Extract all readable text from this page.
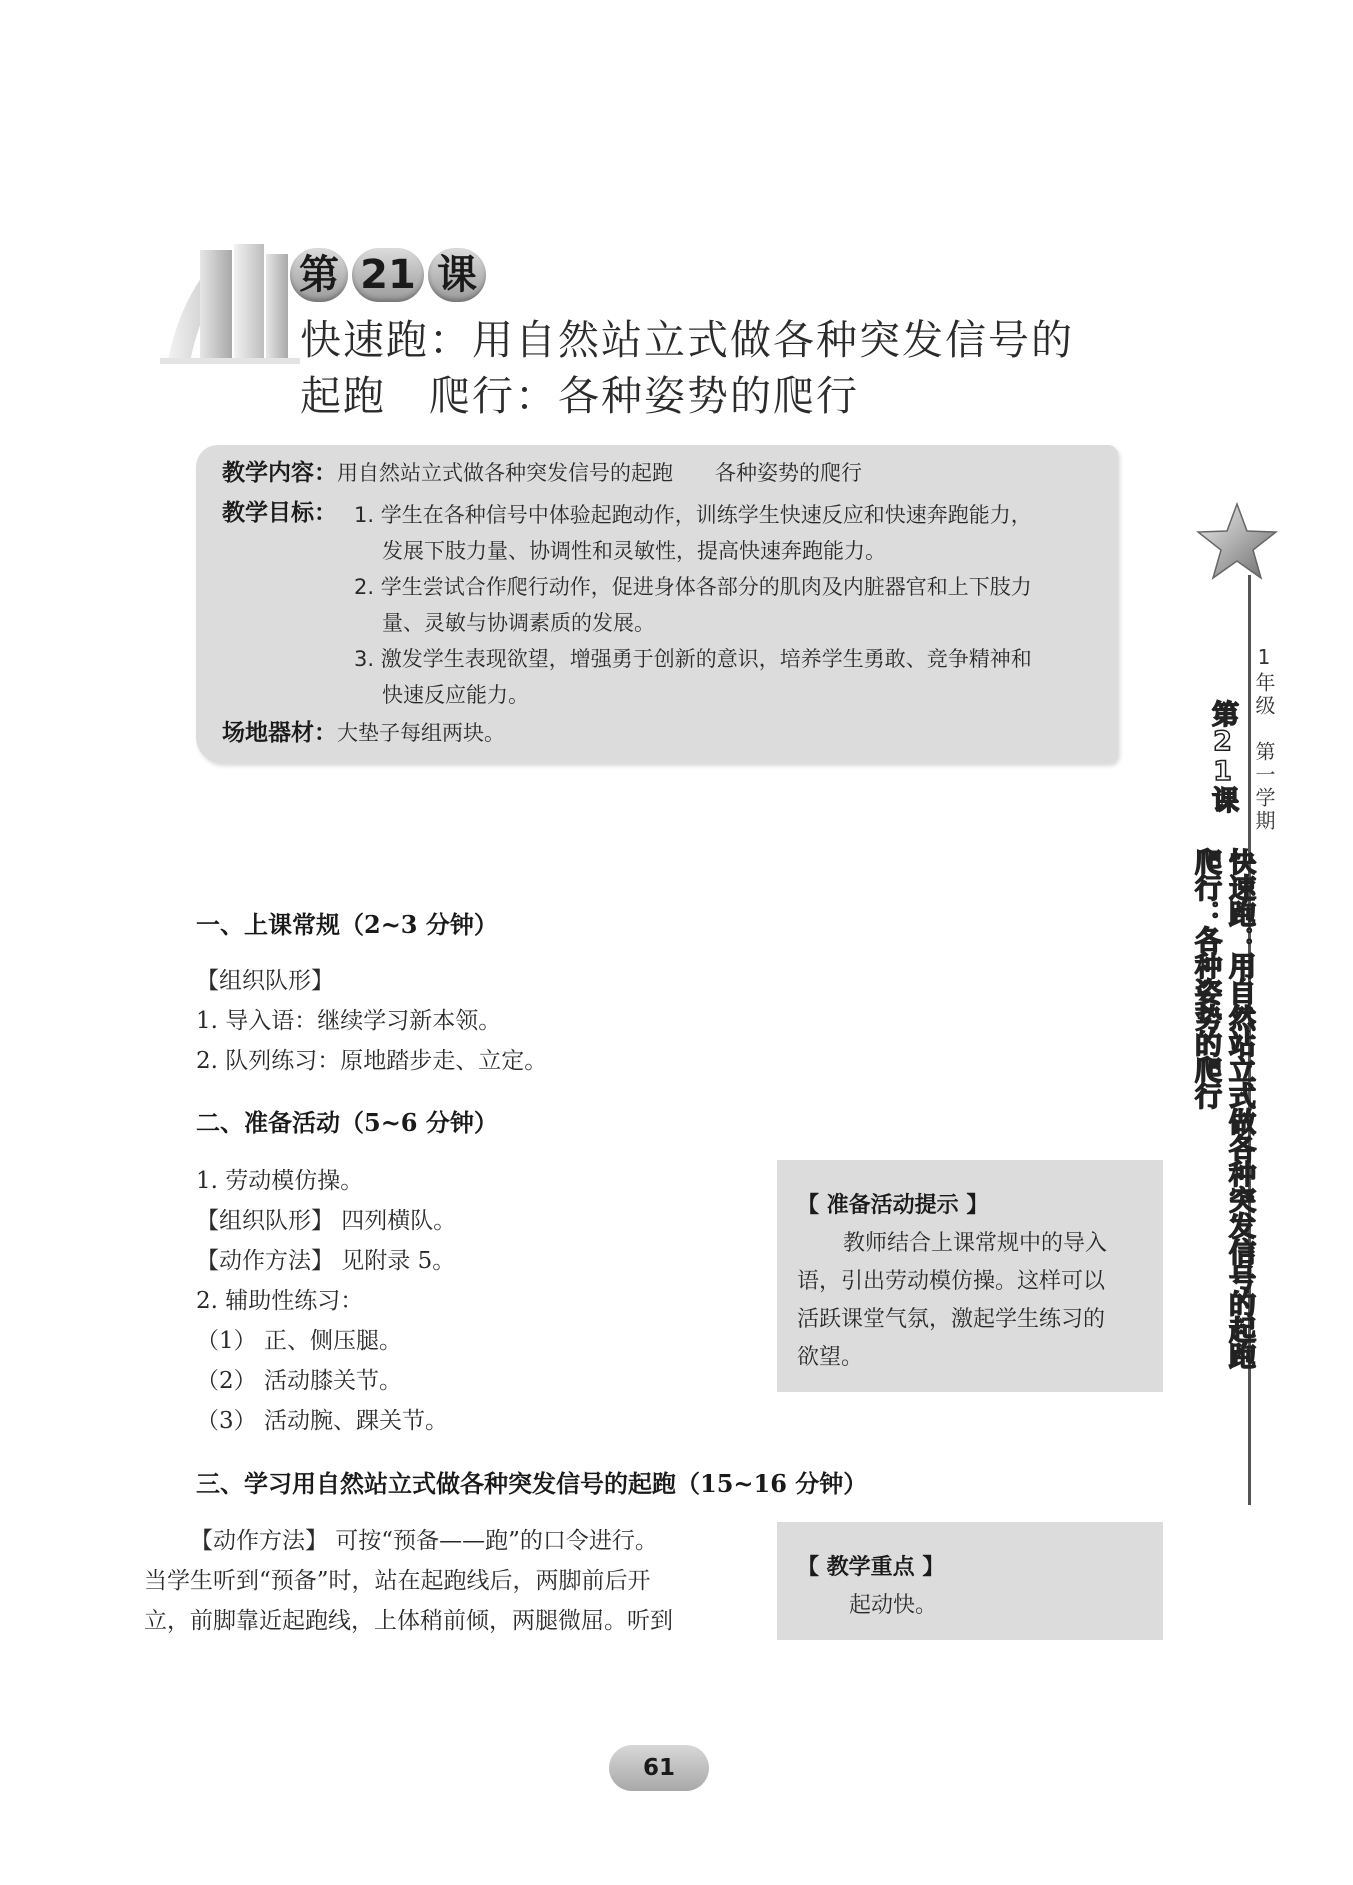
第 21 课
快速跑：用自然站立式做各种突发信号的
起跑　爬行：各种姿势的爬行
教学内容：用自然站立式做各种突发信号的起跑　　各种姿势的爬行
教学目标： 1. 学生在各种信号中体验起跑动作，训练学生快速反应和快速奔跑能力，
发展下肢力量、协调性和灵敏性，提高快速奔跑能力。
2. 学生尝试合作爬行动作，促进身体各部分的肌肉及内脏器官和上下肢力
量、灵敏与协调素质的发展。
3. 激发学生表现欲望，增强勇于创新的意识，培养学生勇敢、竞争精神和
快速反应能力。
场地器材：大垫子每组两块。	1年级　第一学期
第21课
快速跑：用自然站立式做各种突发信号的起跑
爬行：各种姿势的爬行
一、上课常规（2~3 分钟）
【组织队形】
1. 导入语：继续学习新本领。
2. 队列练习：原地踏步走、立定。
二、准备活动（5~6 分钟）
1. 劳动模仿操。
【组织队形】 四列横队。
【动作方法】 见附录 5。
2. 辅助性练习：
（1） 正、侧压腿。
（2） 活动膝关节。
（3） 活动腕、踝关节。
【 准备活动提示 】
教师结合上课常规中的导入
语，引出劳动模仿操。这样可以
活跃课堂气氛，激起学生练习的
欲望。
三、学习用自然站立式做各种突发信号的起跑（15~16 分钟）
【动作方法】 可按“预备——跑”的口令进行。
当学生听到“预备”时，站在起跑线后，两脚前后开
立，前脚靠近起跑线，上体稍前倾，两腿微屈。听到
【 教学重点 】
起动快。
61
